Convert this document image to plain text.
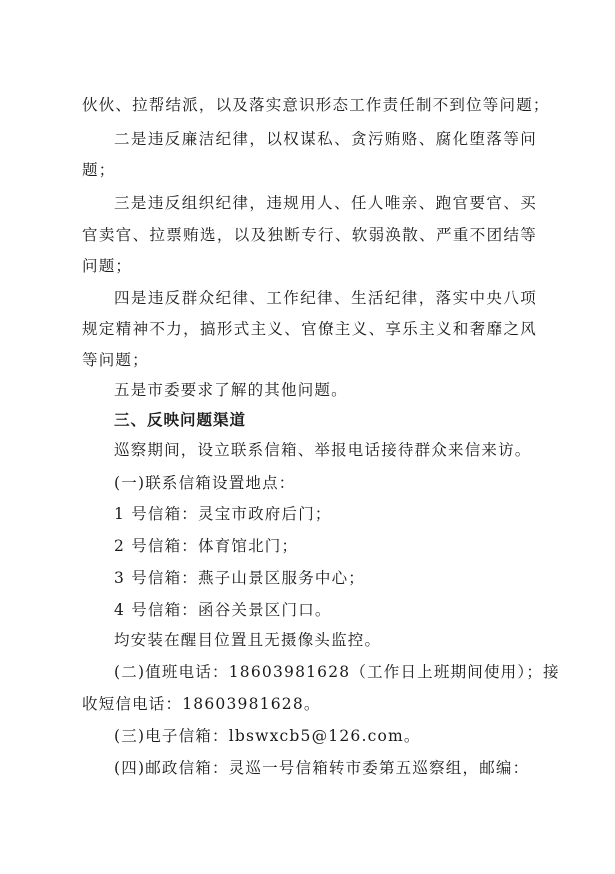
伙伙、拉帮结派，以及落实意识形态工作责任制不到位等问题；
二是违反廉洁纪律，以权谋私、贪污贿赂、腐化堕落等问
题；
三是违反组织纪律，违规用人、任人唯亲、跑官要官、买
官卖官、拉票贿选，以及独断专行、软弱涣散、严重不团结等
问题；
四是违反群众纪律、工作纪律、生活纪律，落实中央八项
规定精神不力，搞形式主义、官僚主义、享乐主义和奢靡之风
等问题；
五是市委要求了解的其他问题。
三、反映问题渠道
巡察期间，设立联系信箱、举报电话接待群众来信来访。
(一)联系信箱设置地点：
1 号信箱：灵宝市政府后门；
2 号信箱：体育馆北门；
3 号信箱：燕子山景区服务中心；
4 号信箱：函谷关景区门口。
均安装在醒目位置且无摄像头监控。
(二)值班电话：18603981628（工作日上班期间使用）；接
收短信电话：18603981628。
(三)电子信箱：lbswxcb5@126.com。
(四)邮政信箱：灵巡一号信箱转市委第五巡察组，邮编：
